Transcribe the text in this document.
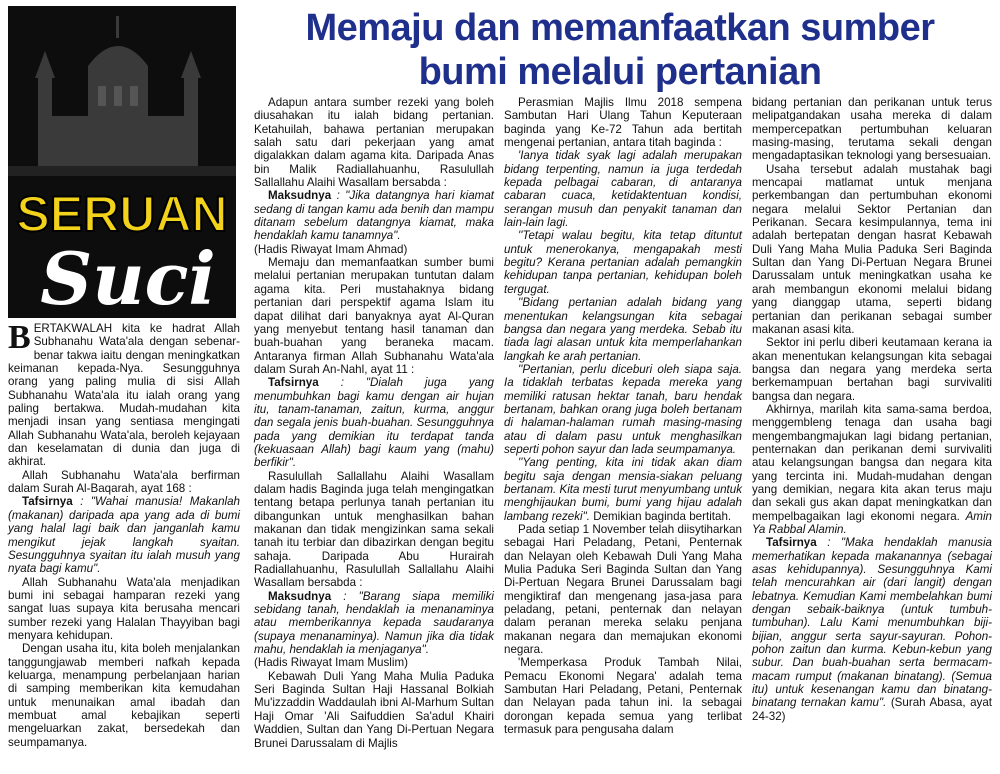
SERUAN
Suci
Memaju dan memanfaatkan sumber
bumi melalui pertanian

BERTAKWALAH kita ke hadrat Allah Subhanahu Wata'ala dengan sebenar-benar takwa iaitu dengan meningkatkan keimanan kepada-Nya. Sesungguhnya orang yang paling mulia di sisi Allah Subhanahu Wata'ala itu ialah orang yang paling bertakwa. Mudah-mudahan kita menjadi insan yang sentiasa mengingati Allah Subhanahu Wata'ala, beroleh kejayaan dan keselamatan di dunia dan juga di akhirat.

Allah Subhanahu Wata'ala berfirman dalam Surah Al-Baqarah, ayat 168 :

Tafsirnya : "Wahai manusia! Makanlah (makanan) daripada apa yang ada di bumi yang halal lagi baik dan janganlah kamu mengikut jejak langkah syaitan. Sesungguhnya syaitan itu ialah musuh yang nyata bagi kamu".

Allah Subhanahu Wata'ala menjadikan bumi ini sebagai hamparan rezeki yang sangat luas supaya kita berusaha mencari sumber rezeki yang Halalan Thayyiban bagi menyara kehidupan.

Dengan usaha itu, kita boleh menjalankan tanggungjawab memberi nafkah kepada keluarga, menampung perbelanjaan harian di samping memberikan kita kemudahan untuk menunaikan amal ibadah dan membuat amal kebajikan seperti mengeluarkan zakat, bersedekah dan seumpamanya.

Adapun antara sumber rezeki yang boleh diusahakan itu ialah bidang pertanian. Ketahuilah, bahawa pertanian merupakan salah satu dari pekerjaan yang amat digalakkan dalam agama kita. Daripada Anas bin Malik Radiallahuanhu, Rasulullah Sallallahu Alaihi Wasallam bersabda :

Maksudnya : "Jika datangnya hari kiamat sedang di tangan kamu ada benih dan mampu ditanam sebelum datangnya kiamat, maka hendaklah kamu tanamnya".

(Hadis Riwayat Imam Ahmad)

Memaju dan memanfaatkan sumber bumi melalui pertanian merupakan tuntutan dalam agama kita. Peri mustahaknya bidang pertanian dari perspektif agama Islam itu dapat dilihat dari banyaknya ayat Al-Quran yang menyebut tentang hasil tanaman dan buah-buahan yang beraneka macam. Antaranya firman Allah Subhanahu Wata'ala dalam Surah An-Nahl, ayat 11 :

Tafsirnya : "Dialah juga yang menumbuhkan bagi kamu dengan air hujan itu, tanam-tanaman, zaitun, kurma, anggur dan segala jenis buah-buahan. Sesungguhnya pada yang demikian itu terdapat tanda (kekuasaan Allah) bagi kaum yang (mahu) berfikir".

Rasulullah Sallallahu Alaihi Wasallam dalam hadis Baginda juga telah mengingatkan tentang betapa perlunya tanah pertanian itu dibangunkan untuk menghasilkan bahan makanan dan tidak mengizinkan sama sekali tanah itu terbiar dan dibazirkan dengan begitu sahaja. Daripada Abu Hurairah Radiallahuanhu, Rasulullah Sallallahu Alaihi Wasallam bersabda :

Maksudnya : "Barang siapa memiliki sebidang tanah, hendaklah ia menanaminya atau memberikannya kepada saudaranya (supaya menanaminya). Namun jika dia tidak mahu, hendaklah ia menjaganya".

(Hadis Riwayat Imam Muslim)

Kebawah Duli Yang Maha Mulia Paduka Seri Baginda Sultan Haji Hassanal Bolkiah Mu'izzaddin Waddaulah ibni Al-Marhum Sultan Haji Omar 'Ali Saifuddien Sa'adul Khairi Waddien, Sultan dan Yang Di-Pertuan Negara Brunei Darussalam di Majlis

Perasmian Majlis Ilmu 2018 sempena Sambutan Hari Ulang Tahun Keputeraan baginda yang Ke-72 Tahun ada bertitah mengenai pertanian, antara titah baginda :

'Ianya tidak syak lagi adalah merupakan bidang terpenting, namun ia juga terdedah kepada pelbagai cabaran, di antaranya cabaran cuaca, ketidaktentuan kondisi, serangan musuh dan penyakit tanaman dan lain-lain lagi.

''Tetapi walau begitu, kita tetap dituntut untuk menerokanya, mengapakah mesti begitu? Kerana pertanian adalah pemangkin kehidupan tanpa pertanian, kehidupan boleh tergugat.

''Bidang pertanian adalah bidang yang menentukan kelangsungan kita sebagai bangsa dan negara yang merdeka. Sebab itu tiada lagi alasan untuk kita memperlahankan langkah ke arah pertanian.

''Pertanian, perlu diceburi oleh siapa saja. Ia tidaklah terbatas kepada mereka yang memiliki ratusan hektar tanah, baru hendak bertanam, bahkan orang juga boleh bertanam di halaman-halaman rumah masing-masing atau di dalam pasu untuk menghasilkan seperti pohon sayur dan lada seumpamanya.

''Yang penting, kita ini tidak akan diam begitu saja dengan mensia-siakan peluang bertanam. Kita mesti turut menyumbang untuk menghijaukan bumi, bumi yang hijau adalah lambang rezeki". Demikian baginda bertitah.

Pada setiap 1 November telah diisytiharkan sebagai Hari Peladang, Petani, Penternak dan Nelayan oleh Kebawah Duli Yang Maha Mulia Paduka Seri Baginda Sultan dan Yang Di-Pertuan Negara Brunei Darussalam bagi mengiktiraf dan mengenang jasa-jasa para peladang, petani, penternak dan nelayan dalam peranan mereka selaku penjana makanan negara dan memajukan ekonomi negara.

'Memperkasa Produk Tambah Nilai, Pemacu Ekonomi Negara' adalah tema Sambutan Hari Peladang, Petani, Penternak dan Nelayan pada tahun ini. Ia sebagai dorongan kepada semua yang terlibat termasuk para pengusaha dalam

bidang pertanian dan perikanan untuk terus melipatgandakan usaha mereka di dalam mempercepatkan pertumbuhan keluaran masing-masing, terutama sekali dengan mengadaptasikan teknologi yang bersesuaian.

Usaha tersebut adalah mustahak bagi mencapai matlamat untuk menjana perkembangan dan pertumbuhan ekonomi negara melalui Sektor Pertanian dan Perikanan. Secara kesimpulannya, tema ini adalah bertepatan dengan hasrat Kebawah Duli Yang Maha Mulia Paduka Seri Baginda Sultan dan Yang Di-Pertuan Negara Brunei Darussalam untuk meningkatkan usaha ke arah membangun ekonomi melalui bidang yang dianggap utama, seperti bidang pertanian dan perikanan sebagai sumber makanan asasi kita.

Sektor ini perlu diberi keutamaan kerana ia akan menentukan kelangsungan kita sebagai bangsa dan negara yang merdeka serta berkemampuan bertahan bagi survivaliti bangsa dan negara.

Akhirnya, marilah kita sama-sama berdoa, menggembleng tenaga dan usaha bagi mengembangmajukan lagi bidang pertanian, penternakan dan perikanan demi survivaliti atau kelangsungan bangsa dan negara kita yang tercinta ini. Mudah-mudahan dengan yang demikian, negara kita akan terus maju dan sekali gus akan dapat meningkatkan dan mempelbagaikan lagi ekonomi negara. Amin Ya Rabbal Alamin.

Tafsirnya : "Maka hendaklah manusia memerhatikan kepada makanannya (sebagai asas kehidupannya). Sesungguhnya Kami telah mencurahkan air (dari langit) dengan lebatnya. Kemudian Kami membelahkan bumi dengan sebaik-baiknya (untuk tumbuh-tumbuhan). Lalu Kami menumbuhkan biji-bijian, anggur serta sayur-sayuran. Pohon-pohon zaitun dan kurma. Kebun-kebun yang subur. Dan buah-buahan serta bermacam-macam rumput (makanan binatang). (Semua itu) untuk kesenangan kamu dan binatang-binatang ternakan kamu". (Surah Abasa, ayat 24-32)
